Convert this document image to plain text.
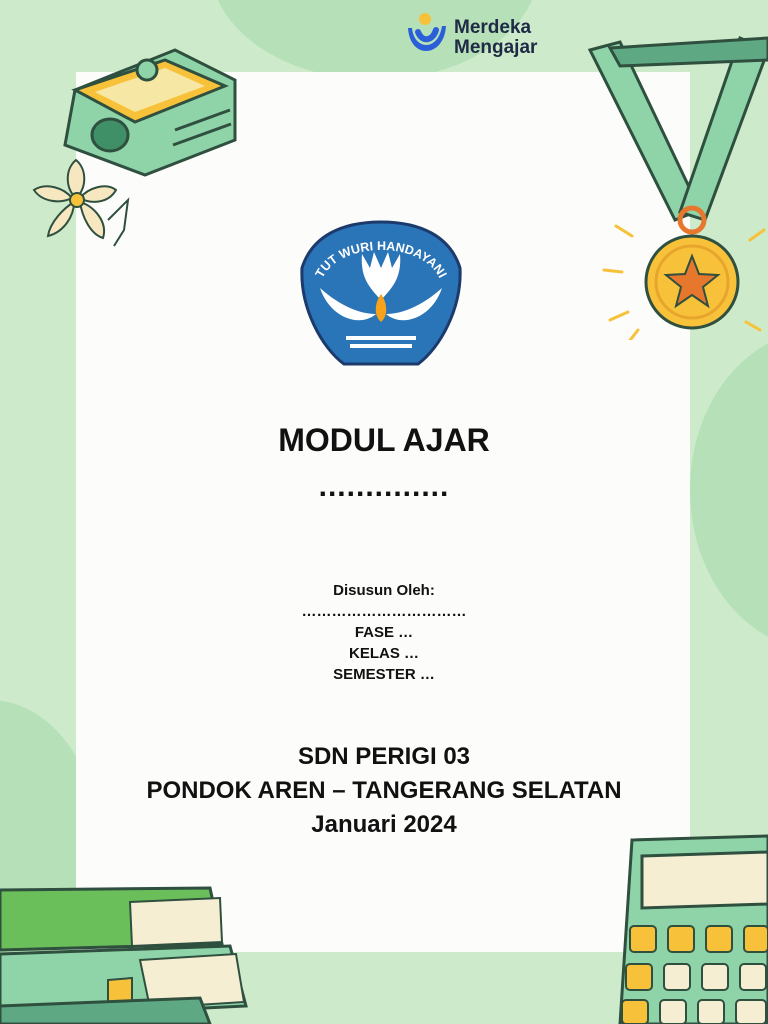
Merdeka
Mengajar
TUT WURI HANDAYANI
MODUL AJAR
..............
Disusun Oleh:
……………………………
FASE …
KELAS …
SEMESTER …
SDN PERIGI 03
PONDOK AREN – TANGERANG SELATAN
Januari 2024
